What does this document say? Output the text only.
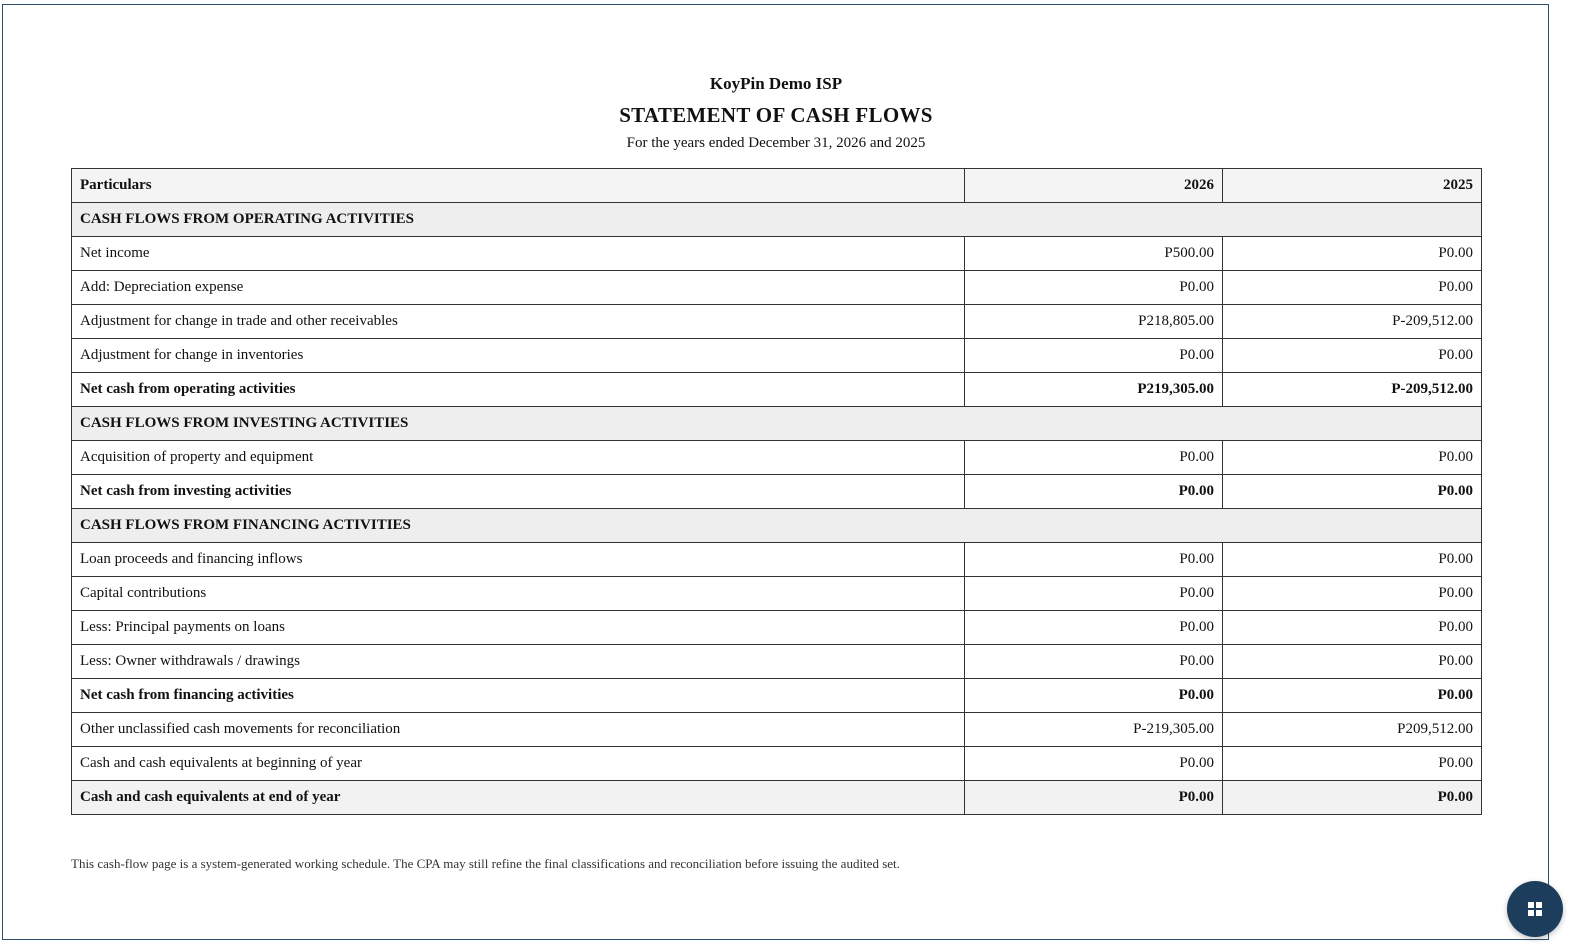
KoyPin Demo ISP
STATEMENT OF CASH FLOWS
For the years ended December 31, 2026 and 2025
Particulars	2026	2025
CASH FLOWS FROM OPERATING ACTIVITIES		
Net income	P500.00	P0.00
Add: Depreciation expense	P0.00	P0.00
Adjustment for change in trade and other receivables	P218,805.00	P-209,512.00
Adjustment for change in inventories	P0.00	P0.00
Net cash from operating activities	P219,305.00	P-209,512.00
CASH FLOWS FROM INVESTING ACTIVITIES		
Acquisition of property and equipment	P0.00	P0.00
Net cash from investing activities	P0.00	P0.00
CASH FLOWS FROM FINANCING ACTIVITIES		
Loan proceeds and financing inflows	P0.00	P0.00
Capital contributions	P0.00	P0.00
Less: Principal payments on loans	P0.00	P0.00
Less: Owner withdrawals / drawings	P0.00	P0.00
Net cash from financing activities	P0.00	P0.00
Other unclassified cash movements for reconciliation	P-219,305.00	P209,512.00
Cash and cash equivalents at beginning of year	P0.00	P0.00
Cash and cash equivalents at end of year	P0.00	P0.00
This cash-flow page is a system-generated working schedule. The CPA may still refine the final classifications and reconciliation before issuing the audited set.
